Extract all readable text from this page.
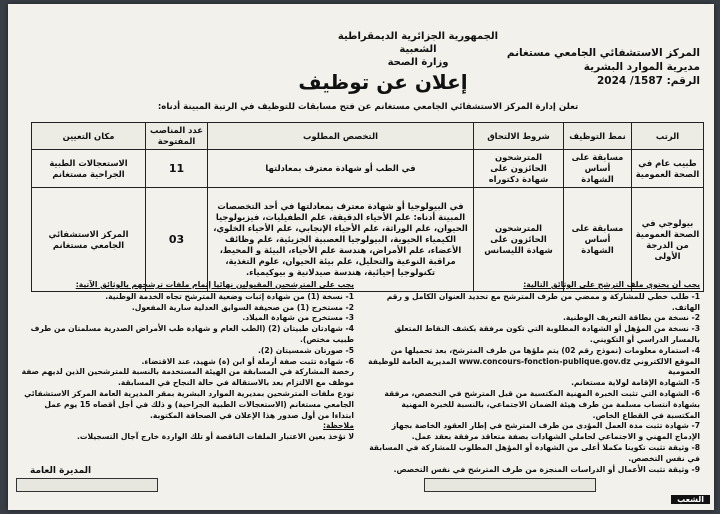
المركز الاستشفائي الجامعي مستغانم
مديرية الموارد البشرية
الرقم: 1587/ 2024
الجمهورية الجزائرية الديمقراطية الشعبية
وزارة الصحة
إعلان عن توظيف
تعلن إدارة المركز الاستشفائي الجامعي مستغانم عن فتح مسابقات للتوظيف في الرتبة المبينة أدناه:
الرتب	نمط التوظيف	شروط الالتحاق	التخصص المطلوب	عدد المناصب المفتوحة	مكان التعيين
طبيب عام في الصحة العمومية	مسابقة على أساس الشهادة	المترشحون الحائزون على شهادة دكتوراه	في الطب أو شهادة معترف بمعادلتها	11	الاستعجالات الطبية الجراحية مستغانم
بيولوجي في الصحة العمومية من الدرجة الأولى	مسابقة على أساس الشهادة	المترشحون الحائزون على شهادة الليسانس	في البيولوجيا أو شهادة معترف بمعادلتها في أحد التخصصات المبينة أدناه: علم الأحياء الدقيقة، علم الطفيليات، فيزيولوجيا الحيوان، علم الوراثة، علم الأحياء الإنجابي، علم الأحياء الخلوي، الكيمياء الحيوية، البيولوجيا العصبية الجزيئية، علم وظائف الأعضاء، علم الأمراض، هندسة علم الأحياء، البيئة و المحيط، مراقبة النوعية والتحليل، علم بيئة الحيوان، علوم التغذية، تكنولوجيا إحيائية، هندسة صيدلانية و بيوكيمياء.	03	المركز الاستشفائي الجامعي مستغانم
يجب أن يحتوي ملف الترشح على الوثائق التالية:
1- طلب خطي للمشاركة و ممضي من طرف المترشح مع تحديد العنوان الكامل و رقم الهاتف.
2- نسخة من بطاقة التعريف الوطنية.
3- نسخة من المؤهل أو الشهادة المطلوبة التي تكون مرفقة بكشف النقاط المتعلق بالمسار الدراسي أو التكويني.
4- استمارة معلومات (نموذج رقم 02) يتم ملؤها من طرف المترشح، بعد تحميلها من الموقع الالكتروني www.concours-fonction-publique.gov.dz المديرية العامة للوظيفة العمومية
5- الشهادة الإقامة لولاية مستغانم.
6- الشهادة التي تثبت الخبرة المهنية المكتسبة من قبل المترشح في التخصص، مرفقة بشهادة انتساب مسلمة من طرف هيئة الضمان الاجتماعي، بالنسبة للخبرة المهنية المكتسبة في القطاع الخاص.
7- شهادة تثبت مدة العمل المؤدى من طرف المترشح في إطار العقود الخاصة بجهاز الإدماج المهني و الاجتماعي لحاملي الشهادات بصفة متعاقد مرفقة بعقد عمل.
8- وثيقة تثبت تكوينا مكملا أعلى من الشهادة أو المؤهل المطلوب للمشاركة في المسابقة في نفس التخصص.
9- وثيقة تثبت الأعمال أو الدراسات المنجزة من طرف المترشح في نفس التخصص.
يجب على المترشحين المقبولين نهائيا إتمام ملفات ترشحهم بالوثائق الآتية:
1- نسخة (1) من شهادة إثبات وضعية المترشح تجاه الخدمة الوطنية.
2- مستخرج (1) من صحيفة السوابق العدلية سارية المفعول.
3- مستخرج من شهادة الميلاد.
4- شهادتان طبيتان (2) (الطب العام و شهادة طب الأمراض الصدرية مسلمتان من طرف طبيب مختص).
5- صورتان شمسيتان (2).
6- شهادة تثبت صفة أرملة أو ابن (ة) شهيد، عند الاقتضاء.
رخصة المشاركة في المسابقة من الهيئة المستخدمة بالنسبة للمترشحين الذين لديهم صفة موظف مع الالتزام بعد بالاستقالة في حالة النجاح في المسابقة.
تودع ملفات المترشحين بمديرية الموارد البشرية بمقر المديرية العامة المركز الاستشفائي الجامعي مستغانم (الاستعجالات الطبية الجراحية) و ذلك في أجل أقصاه 15 يوم عمل ابتداءا من أول صدور هذا الإعلان في الصحافة المكتوبة.
ملاحظة:
لا تؤخذ بعين الاعتبار الملفات الناقصة أو تلك الواردة خارج آجال التسجيلات.
المديرة العامة
الشعب
